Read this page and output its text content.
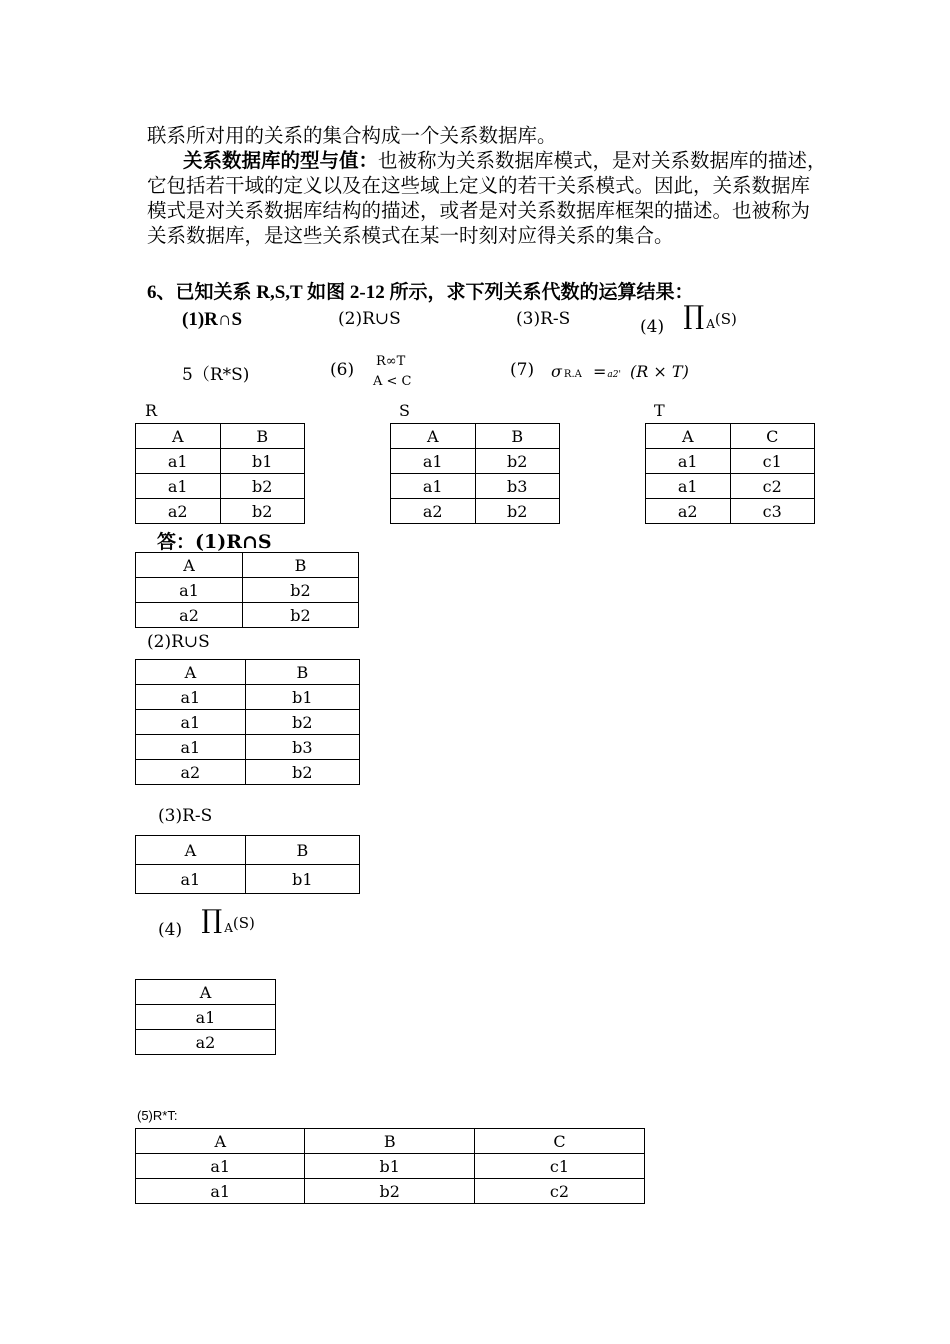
联系所对用的关系的集合构成一个关系数据库。

关系数据库的型与值：也被称为关系数据库模式，是对关系数据库的描述，它包括若干域的定义以及在这些域上定义的若干关系模式。因此，关系数据库模式是对关系数据库结构的描述，或者是对关系数据库框架的描述。也被称为关系数据库，是这些关系模式在某一时刻对应得关系的集合。

6、已知关系 R,S,T 如图 2-12 所示，求下列关系代数的运算结果：
(1)R∩S	(2)R∪S	(3)R-S	(4) ∏ $^A$(S)
5（R*S)	(6) R∞T
A < C
(7) σ R.A =a2' (R × T)
R	S	T
A	B
a1	b1
a1	b2
a2	b2
A	B
a1	b2
a1	b3
a2	b2
A	C
a1	c1
a1	c2
a2	c3
答：(1)R∩S
A	B
a1	b2
a2	b2
(2)R∪S
A	B
a1	b1
a1	b2
a1	b3
a2	b2
(3)R-S
A	B
a1	b1
(4) ∏ A(S)
A
a1
a2
(5)R*T:
A	B	C
a1	b1	c1
a1	b2	c2
